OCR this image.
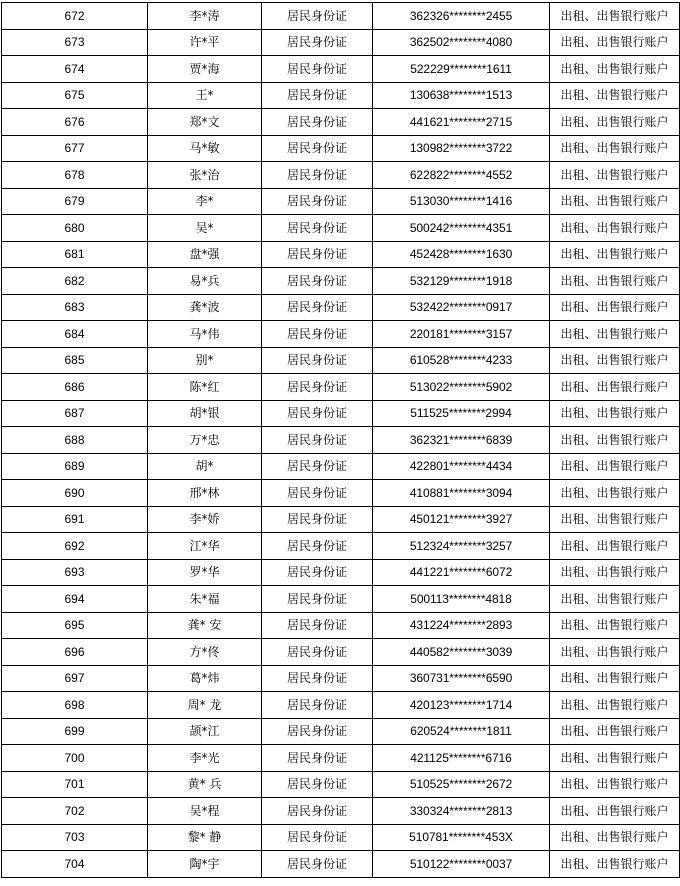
672	李*涛	居民身份证	362326********2455	出租、出售银行账户
673	许*平	居民身份证	362502********4080	出租、出售银行账户
674	贾*海	居民身份证	522229********1611	出租、出售银行账户
675	王*	居民身份证	130638********1513	出租、出售银行账户
676	郑*文	居民身份证	441621********2715	出租、出售银行账户
677	马*敏	居民身份证	130982********3722	出租、出售银行账户
678	张*治	居民身份证	622822********4552	出租、出售银行账户
679	李*	居民身份证	513030********1416	出租、出售银行账户
680	吴*	居民身份证	500242********4351	出租、出售银行账户
681	盘*强	居民身份证	452428********1630	出租、出售银行账户
682	易*兵	居民身份证	532129********1918	出租、出售银行账户
683	龚*波	居民身份证	532422********0917	出租、出售银行账户
684	马*伟	居民身份证	220181********3157	出租、出售银行账户
685	别*	居民身份证	610528********4233	出租、出售银行账户
686	陈*红	居民身份证	513022********5902	出租、出售银行账户
687	胡*银	居民身份证	511525********2994	出租、出售银行账户
688	万*忠	居民身份证	362321********6839	出租、出售银行账户
689	胡*	居民身份证	422801********4434	出租、出售银行账户
690	邢*林	居民身份证	410881********3094	出租、出售银行账户
691	李*娇	居民身份证	450121********3927	出租、出售银行账户
692	江*华	居民身份证	512324********3257	出租、出售银行账户
693	罗*华	居民身份证	441221********6072	出租、出售银行账户
694	朱*福	居民身份证	500113********4818	出租、出售银行账户
695	龚* 安	居民身份证	431224********2893	出租、出售银行账户
696	方*佟	居民身份证	440582********3039	出租、出售银行账户
697	葛*炜	居民身份证	360731********6590	出租、出售银行账户
698	周* 龙	居民身份证	420123********1714	出租、出售银行账户
699	颉*江	居民身份证	620524********1811	出租、出售银行账户
700	李*光	居民身份证	421125********6716	出租、出售银行账户
701	黄* 兵	居民身份证	510525********2672	出租、出售银行账户
702	吴*程	居民身份证	330324********2813	出租、出售银行账户
703	黎* 静	居民身份证	510781********453X	出租、出售银行账户
704	陶*宇	居民身份证	510122********0037	出租、出售银行账户
